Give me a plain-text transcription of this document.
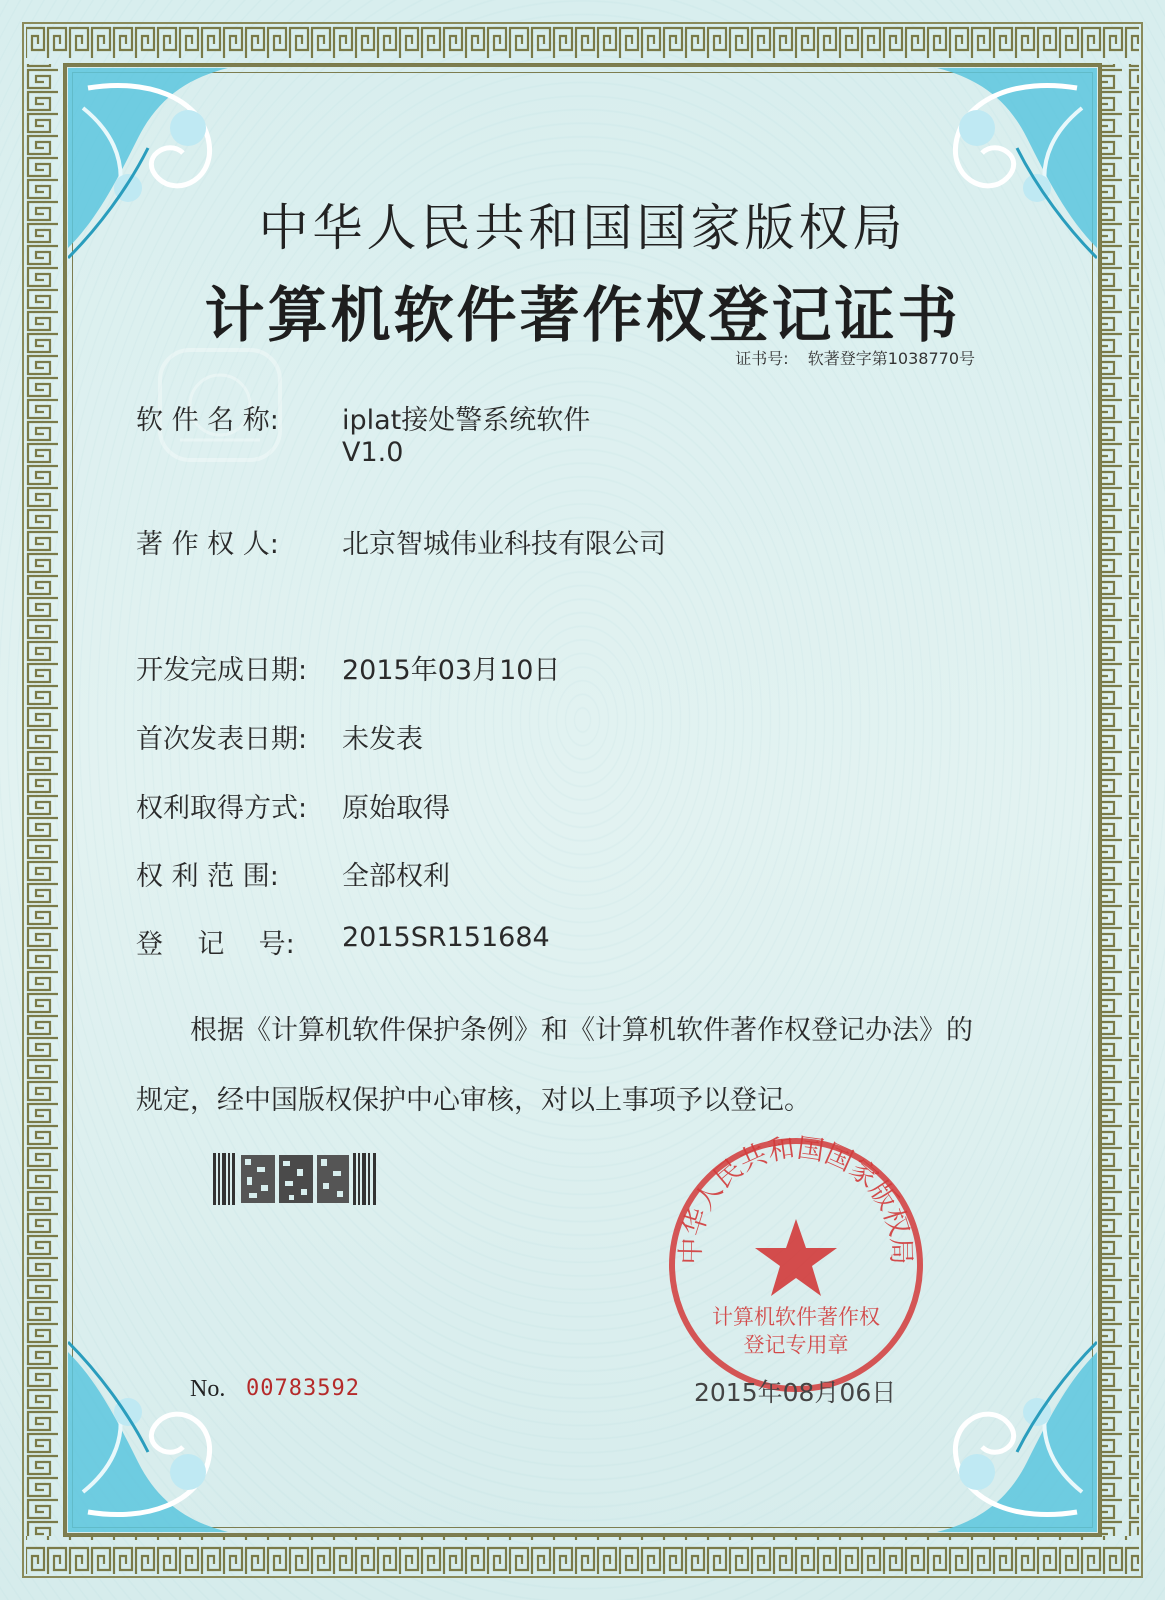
中华人民共和国国家版权局
计算机软件著作权登记证书
证书号: 软著登字第1038770号
软 件 名 称: iplat接处警系统软件
V1.0
著 作 权 人: 北京智城伟业科技有限公司
开发完成日期: 2015年03月10日
首次发表日期: 未发表
权利取得方式: 原始取得
权 利 范 围: 全部权利
登    记    号: 2015SR151684
根据《计算机软件保护条例》和《计算机软件著作权登记办法》的
规定，经中国版权保护中心审核，对以上事项予以登记。
中华人民共和国国家版权局
计算机软件著作权
登记专用章
No. 00783592	2015年08月06日
